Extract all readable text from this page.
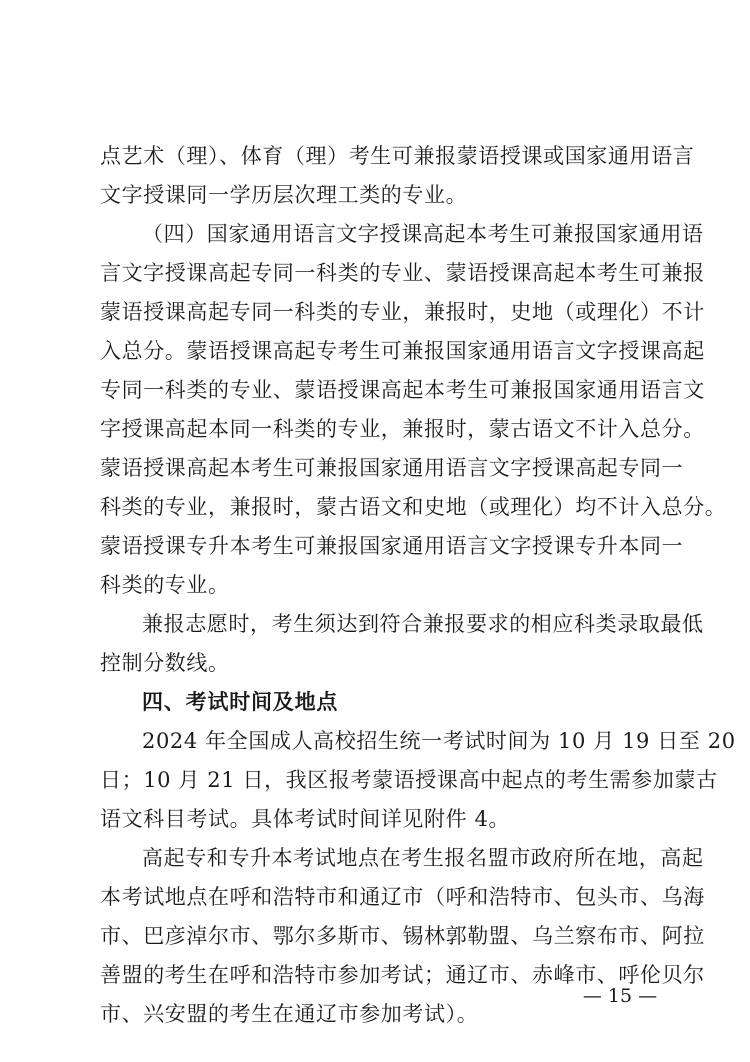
点艺术（理）、体育（理）考生可兼报蒙语授课或国家通用语言
文字授课同一学历层次理工类的专业。
（四）国家通用语言文字授课高起本考生可兼报国家通用语
言文字授课高起专同一科类的专业、蒙语授课高起本考生可兼报
蒙语授课高起专同一科类的专业，兼报时，史地（或理化）不计
入总分。蒙语授课高起专考生可兼报国家通用语言文字授课高起
专同一科类的专业、蒙语授课高起本考生可兼报国家通用语言文
字授课高起本同一科类的专业，兼报时，蒙古语文不计入总分。
蒙语授课高起本考生可兼报国家通用语言文字授课高起专同一
科类的专业，兼报时，蒙古语文和史地（或理化）均不计入总分。
蒙语授课专升本考生可兼报国家通用语言文字授课专升本同一
科类的专业。
兼报志愿时，考生须达到符合兼报要求的相应科类录取最低
控制分数线。
四、考试时间及地点
2024 年全国成人高校招生统一考试时间为 10 月 19 日至 20
日；10 月 21 日，我区报考蒙语授课高中起点的考生需参加蒙古
语文科目考试。具体考试时间详见附件 4。
高起专和专升本考试地点在考生报名盟市政府所在地，高起
本考试地点在呼和浩特市和通辽市（呼和浩特市、包头市、乌海
市、巴彦淖尔市、鄂尔多斯市、锡林郭勒盟、乌兰察布市、阿拉
善盟的考生在呼和浩特市参加考试；通辽市、赤峰市、呼伦贝尔
市、兴安盟的考生在通辽市参加考试）。
— 15 —
